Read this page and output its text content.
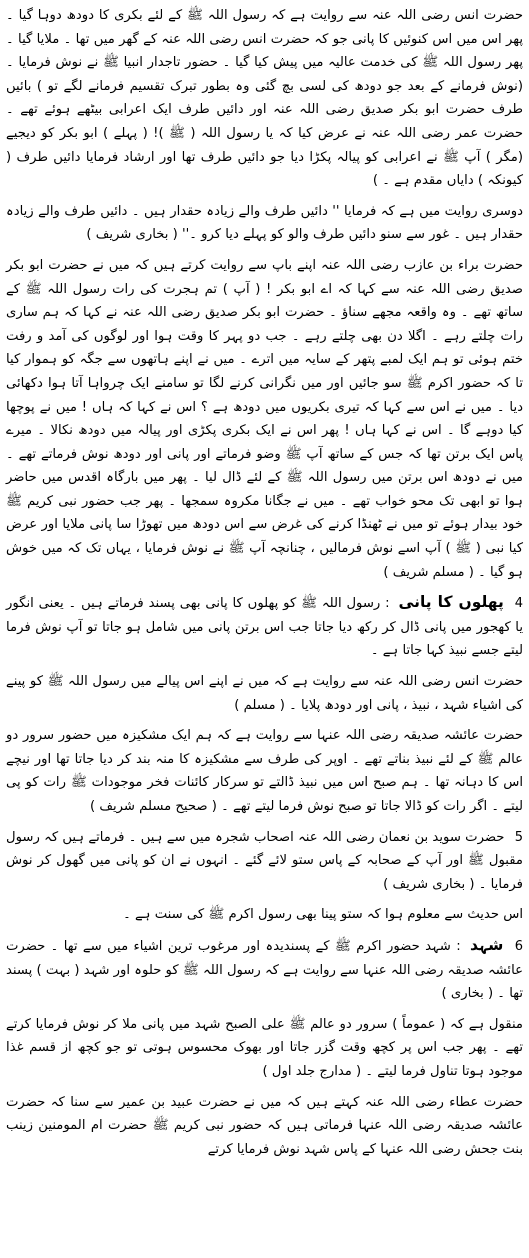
حضرت انس رضی اللہ عنہ سے روایت ہے کہ رسول اللہ ﷺ کے لئے بکری کا دودھ دوہا گیا ۔ پھر اس میں اس کنوئیں کا پانی جو کہ حضرت انس رضی اللہ عنہ کے گھر میں تھا ۔ ملایا گیا ۔ پھر رسول اللہ ﷺ کی خدمت عالیہ میں پیش کیا گیا ۔ حضور تاجدار انبیا ﷺ نے نوش فرمایا ۔ (نوش فرمانے کے بعد جو دودھ کی لسی بچ گئی وہ بطور تبرک تقسیم فرمانے لگے تو ) بائیں طرف حضرت ابو بکر صدیق رضی اللہ عنہ اور دائیں طرف ایک اعرابی بیٹھے ہوئے تھے ۔ حضرت عمر رضی اللہ عنہ نے عرض کیا کہ یا رسول اللہ ( ﷺ )! ( پہلے ) ابو بکر کو دیجیے (مگر ) آپ ﷺ نے اعرابی کو پیالہ پکڑا دیا جو دائیں طرف تھا اور ارشاد فرمایا دائیں طرف ( کیونکہ ) دایاں مقدم ہے ۔ )

دوسری روایت میں ہے کہ فرمایا '' دائیں طرف والے زیادہ حقدار ہیں ۔ دائیں طرف والے زیادہ حقدار ہیں ۔ غور سے سنو دائیں طرف والو کو پہلے دیا کرو ۔'' ( بخاری شریف )

حضرت براء بن عازب رضی اللہ عنہ اپنے باپ سے روایت کرتے ہیں کہ میں نے حضرت ابو بکر صدیق رضی اللہ عنہ سے کہا کہ اے ابو بکر ! ( آپ ) تم ہجرت کی رات رسول اللہ ﷺ کے ساتھ تھے ۔ وہ واقعہ مجھے سناؤ ۔ حضرت ابو بکر صدیق رضی اللہ عنہ نے کہا کہ ہم ساری رات چلتے رہے ۔ اگلا دن بھی چلتے رہے ۔ جب دو پہر کا وقت ہوا اور لوگوں کی آمد و رفت ختم ہوئی تو ہم ایک لمبے پتھر کے سایہ میں اترے ۔ میں نے اپنے ہاتھوں سے جگہ کو ہموار کیا تا کہ حضور اکرم ﷺ سو جائیں اور میں نگرانی کرنے لگا تو سامنے ایک چرواہا آتا ہوا دکھائی دیا ۔ میں نے اس سے کہا کہ تیری بکریوں میں دودھ ہے ؟ اس نے کہا کہ ہاں ! میں نے پوچھا کیا دوہے گا ۔ اس نے کہا ہاں ! پھر اس نے ایک بکری پکڑی اور پیالہ میں دودھ نکالا ۔ میرے پاس ایک برتن تھا کہ جس کے ساتھ آپ ﷺ وضو فرماتے اور پانی اور دودھ نوش فرماتے تھے ۔ میں نے دودھ اس برتن میں رسول اللہ ﷺ کے لئے ڈال لیا ۔ پھر میں بارگاہ اقدس میں حاضر ہوا تو ابھی تک محو خواب تھے ۔ میں نے جگانا مکروہ سمجھا ۔ پھر جب حضور نبی کریم ﷺ خود بیدار ہوئے تو میں نے ٹھنڈا کرنے کی غرض سے اس دودھ میں تھوڑا سا پانی ملایا اور عرض کیا نبی ( ﷺ ) آپ اسے نوش فرمالیں ، چنانچہ آپ ﷺ نے نوش فرمایا ، یہاں تک کہ میں خوش ہو گیا ۔ ( مسلم شریف )

4 پھلوں کا پانی : رسول اللہ ﷺ کو پھلوں کا پانی بھی پسند فرماتے ہیں ۔ یعنی انگور یا کھجور میں پانی ڈال کر رکھ دیا جاتا جب اس برتن پانی میں شامل ہو جاتا تو آپ نوش فرما لیتے جسے نبیذ کہا جاتا ہے ۔

حضرت انس رضی اللہ عنہ سے روایت ہے کہ میں نے اپنے اس پیالے میں رسول اللہ ﷺ کو پینے کی اشیاء شہد ، نبیذ ، پانی اور دودھ پلایا ۔ ( مسلم )

حضرت عائشہ صدیقہ رضی اللہ عنہا سے روایت ہے کہ ہم ایک مشکیزہ میں حضور سرور دو عالم ﷺ کے لئے نبیذ بناتے تھے ۔ اوپر کی طرف سے مشکیزہ کا منہ بند کر دیا جاتا تھا اور نیچے اس کا دہانہ تھا ۔ ہم صبح اس میں نبیذ ڈالتے تو سرکار کائنات فخر موجودات ﷺ رات کو پی لیتے ۔ اگر رات کو ڈالا جاتا تو صبح نوش فرما لیتے تھے ۔ ( صحیح مسلم شریف )

5 حضرت سوید بن نعمان رضی اللہ عنہ اصحاب شجرہ میں سے ہیں ۔ فرماتے ہیں کہ رسول مقبول ﷺ اور آپ کے صحابہ کے پاس ستو لائے گئے ۔ انہوں نے ان کو پانی میں گھول کر نوش فرمایا ۔ ( بخاری شریف )

اس حدیث سے معلوم ہوا کہ ستو پینا بھی رسول اکرم ﷺ کی سنت ہے ۔

6 شہد : شہد حضور اکرم ﷺ کے پسندیدہ اور مرغوب ترین اشیاء میں سے تھا ۔ حضرت عائشہ صدیقہ رضی اللہ عنہا سے روایت ہے کہ رسول اللہ ﷺ کو حلوہ اور شہد ( بہت ) پسند تھا ۔ ( بخاری )

منقول ہے کہ ( عموماً ) سرور دو عالم ﷺ علی الصبح شہد میں پانی ملا کر نوش فرمایا کرتے تھے ۔ پھر جب اس پر کچھ وقت گزر جاتا اور بھوک محسوس ہوتی تو جو کچھ از قسم غذا موجود ہوتا تناول فرما لیتے ۔ ( مدارج جلد اول )

حضرت عطاء رضی اللہ عنہ کہتے ہیں کہ میں نے حضرت عبید بن عمیر سے سنا کہ حضرت عائشہ صدیقہ رضی اللہ عنہا فرماتی ہیں کہ حضور نبی کریم ﷺ حضرت ام المومنین زینب بنت جحش رضی اللہ عنہا کے پاس شہد نوش فرمایا کرتے
